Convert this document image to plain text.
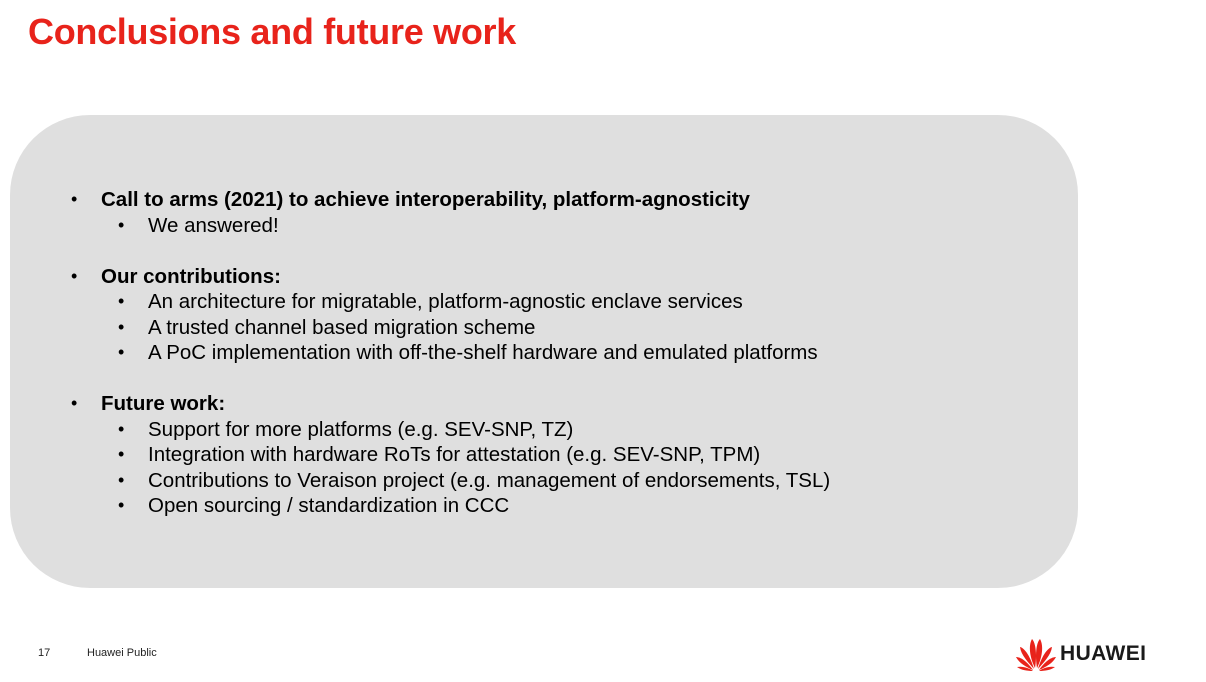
Conclusions and future work
• Call to arms (2021) to achieve interoperability, platform-agnosticity
• We answered!
• Our contributions:
• An architecture for migratable, platform-agnostic enclave services
• A trusted channel based migration scheme
• A PoC implementation with off-the-shelf hardware and emulated platforms
• Future work:
• Support for more platforms (e.g. SEV-SNP, TZ)
• Integration with hardware RoTs for attestation (e.g. SEV-SNP, TPM)
• Contributions to Veraison project (e.g. management of endorsements, TSL)
• Open sourcing / standardization in CCC
17	Huawei Public	HUAWEI
